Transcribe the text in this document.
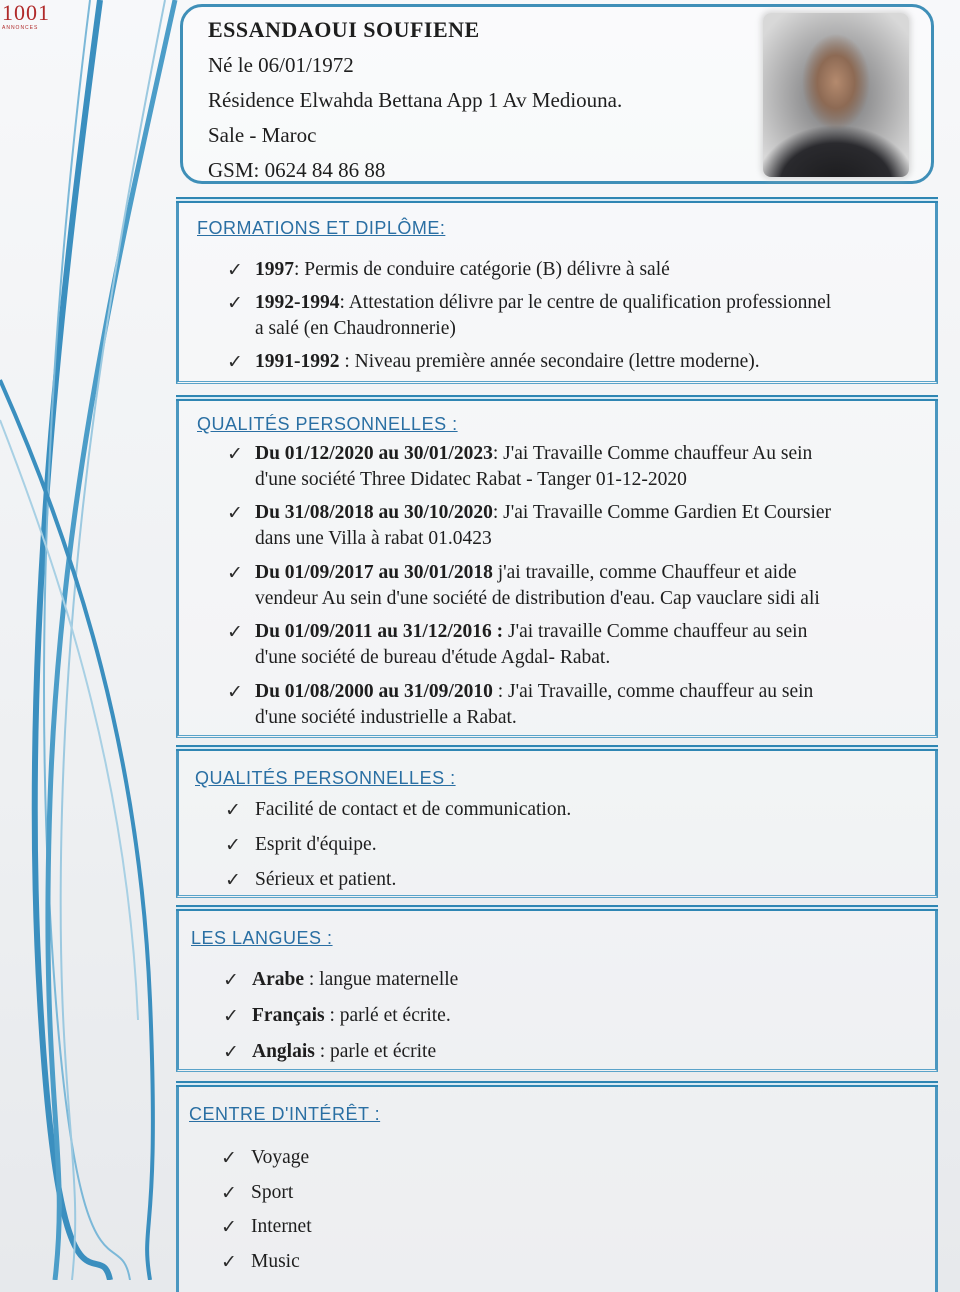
1001
ANNONCES	ESSANDAOUI SOUFIENE
Né le 06/01/1972
Résidence Elwahda Bettana App 1 Av Mediouna.
Sale - Maroc
GSM: 0624 84 86 88
FORMATIONS ET DIPLÔME:
✓ 1997: Permis de conduire catégorie (B) délivre à salé
✓ 1992-1994: Attestation délivre par le centre de qualification professionnel
a salé (en Chaudronnerie)
✓ 1991-1992 : Niveau première année secondaire (lettre moderne).
QUALITÉS PERSONNELLES :
✓ Du 01/12/2020 au 30/01/2023: J'ai Travaille Comme chauffeur Au sein
d'une société Three Didatec Rabat - Tanger 01-12-2020
✓ Du 31/08/2018 au 30/10/2020: J'ai Travaille Comme Gardien Et Coursier
dans une Villa à rabat 01.0423
✓ Du 01/09/2017 au 30/01/2018 j'ai travaille, comme Chauffeur et aide
vendeur Au sein d'une société de distribution d'eau. Cap vauclare sidi ali
✓ Du 01/09/2011 au 31/12/2016 : J'ai travaille Comme chauffeur au sein
d'une société de bureau d'étude Agdal- Rabat.
✓ Du 01/08/2000 au 31/09/2010 : J'ai Travaille, comme chauffeur au sein
d'une société industrielle a Rabat.
QUALITÉS PERSONNELLES :
✓ Facilité de contact et de communication.
✓ Esprit d'équipe.
✓ Sérieux et patient.
LES LANGUES :
✓ Arabe : langue maternelle
✓ Français : parlé et écrite.
✓ Anglais : parle et écrite
CENTRE D'INTÉRÊT :
✓ Voyage
✓ Sport
✓ Internet
✓ Music
